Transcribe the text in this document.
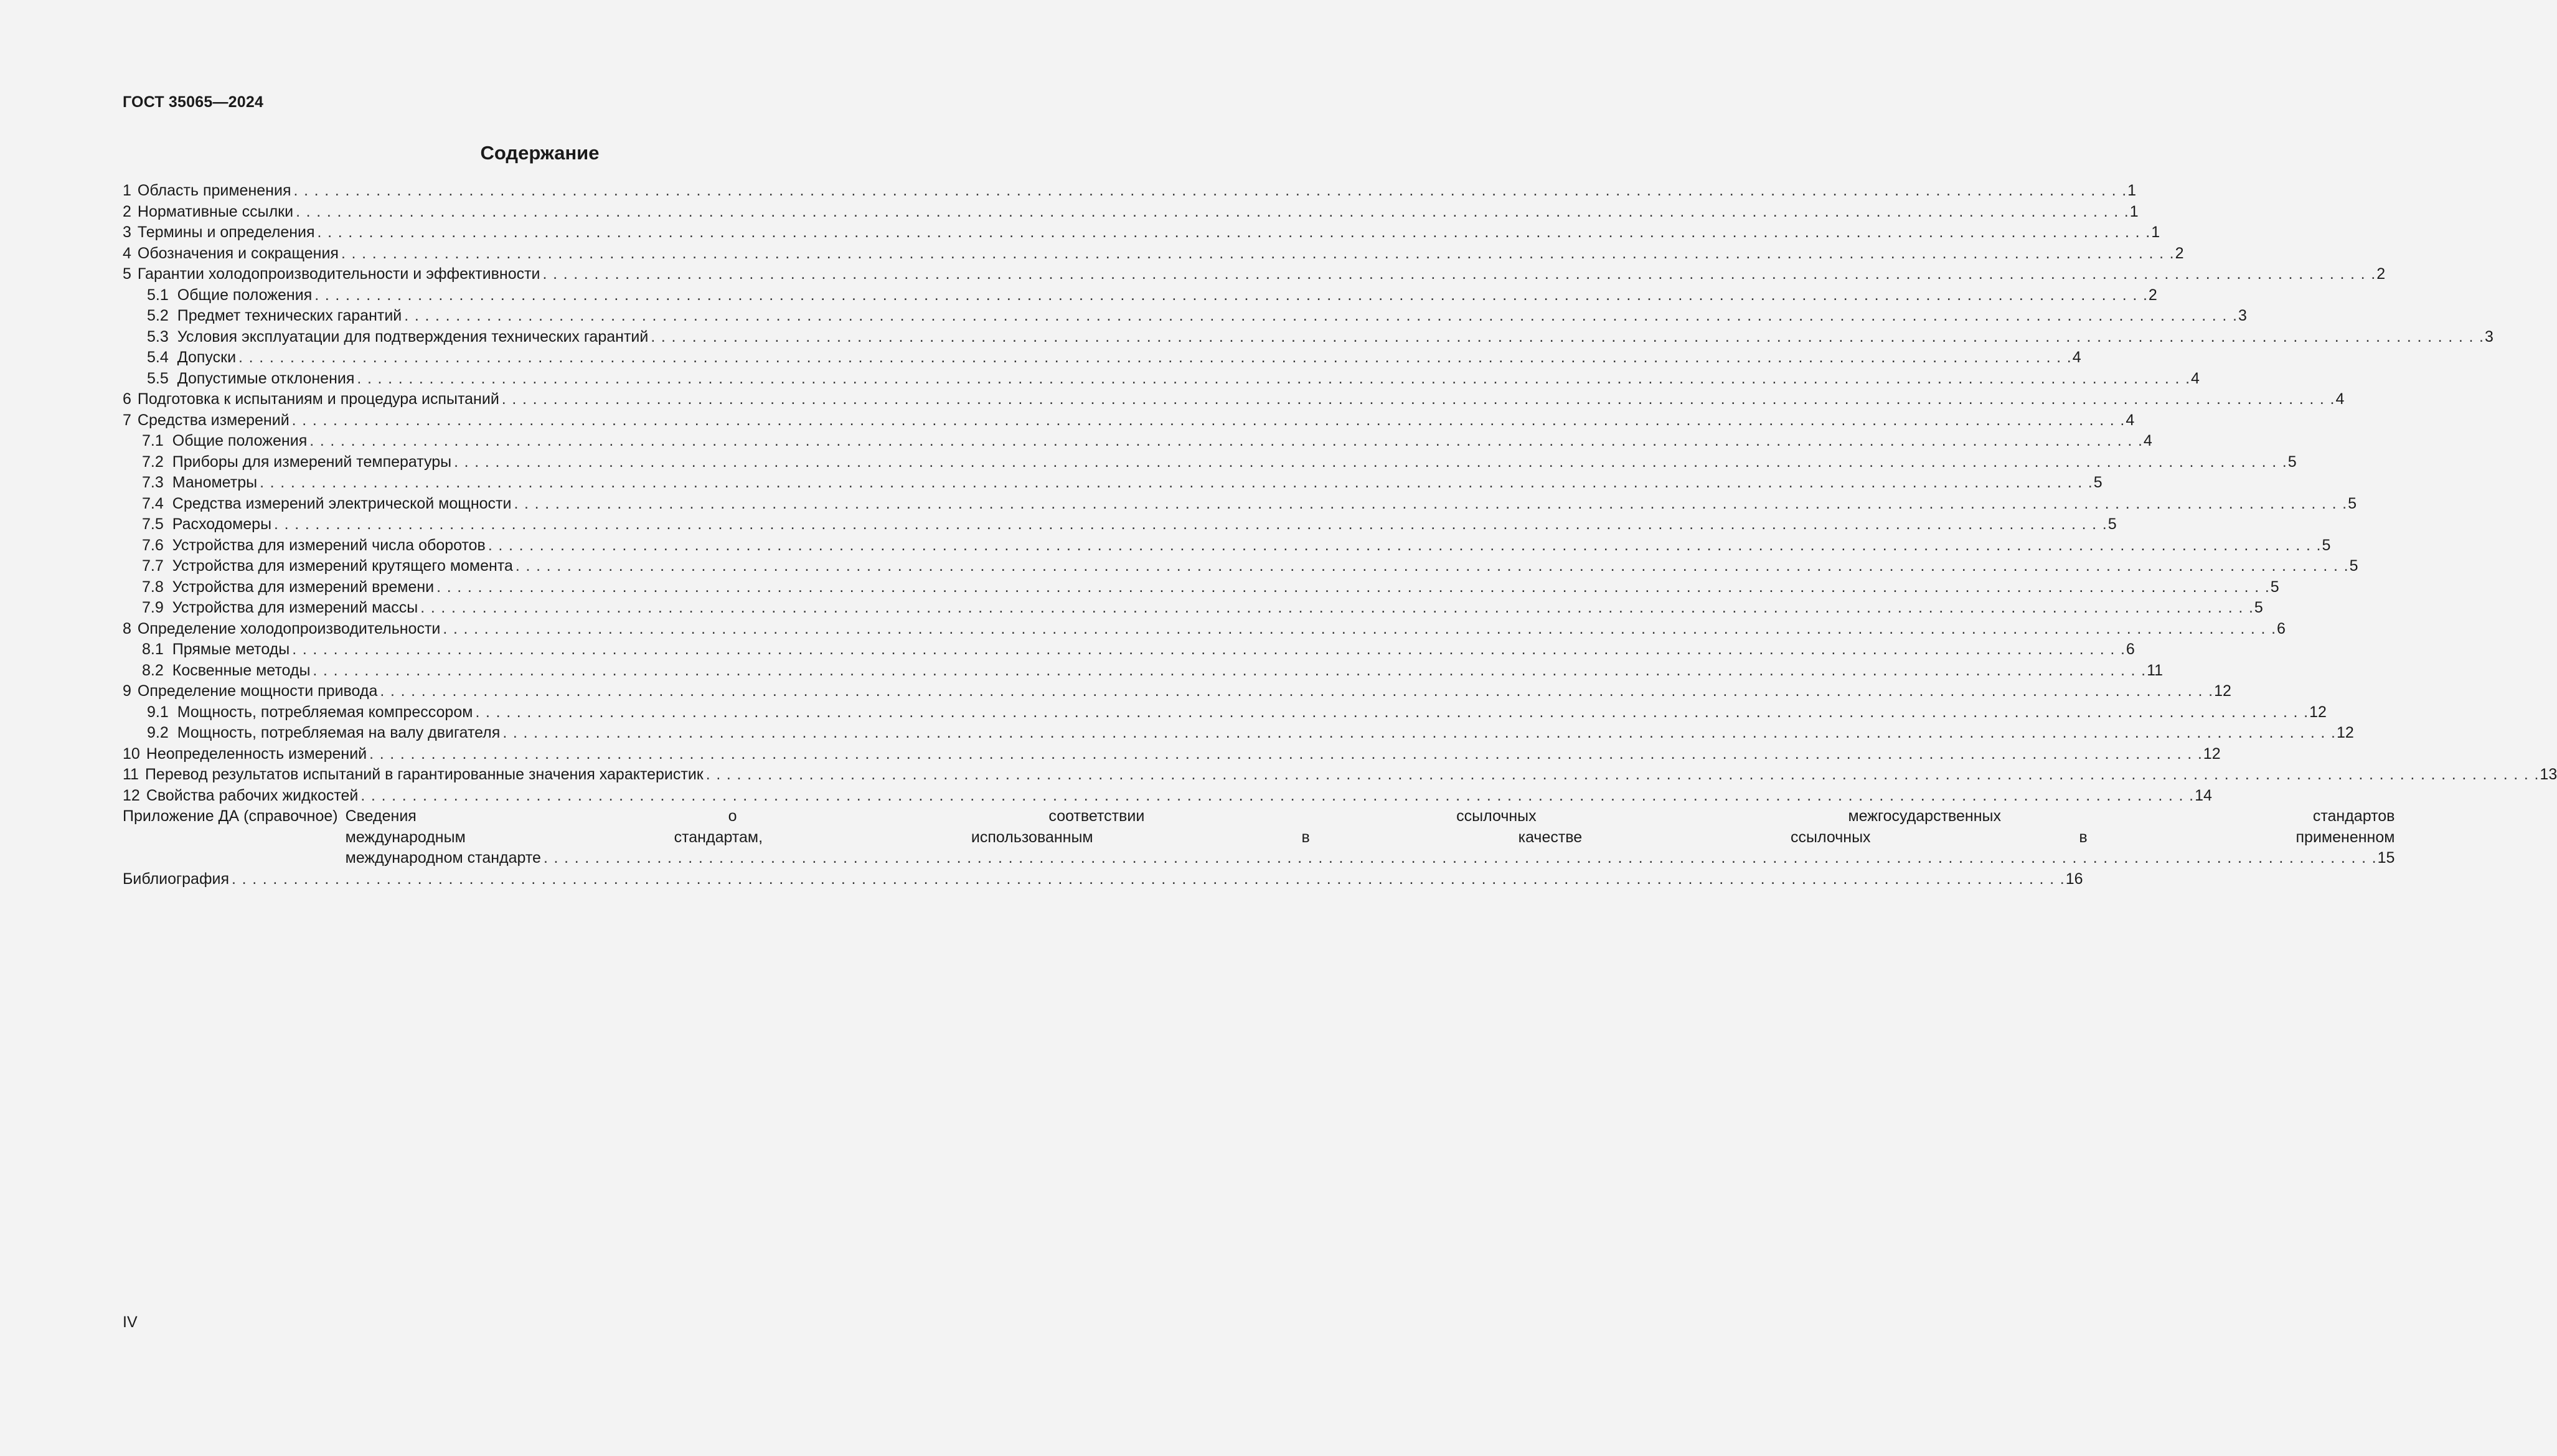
ГОСТ 35065—2024
Содержание
1 Область применения . . .	1
2 Нормативные ссылки . . .	1
3 Термины и определения . . .	1
4 Обозначения и сокращения . . .	2
5 Гарантии холодопроизводительности и эффективности . . .	2
5.1 Общие положения . . .	2
5.2 Предмет технических гарантий . . .	3
5.3 Условия эксплуатации для подтверждения технических гарантий . . .	3
5.4 Допуски . . .	4
5.5 Допустимые отклонения . . .	4
6 Подготовка к испытаниям и процедура испытаний . . .	4
7 Средства измерений . . .	4
7.1 Общие положения . . .	4
7.2 Приборы для измерений температуры . . .	5
7.3 Манометры . . .	5
7.4 Средства измерений электрической мощности . . .	5
7.5 Расходомеры . . .	5
7.6 Устройства для измерений числа оборотов . . .	5
7.7 Устройства для измерений крутящего момента . . .	5
7.8 Устройства для измерений времени . . .	5
7.9 Устройства для измерений массы . . .	5
8 Определение холодопроизводительности . . .	6
8.1 Прямые методы . . .	6
8.2 Косвенные методы . . .	11
9 Определение мощности привода . . .	12
9.1 Мощность, потребляемая компрессором . . .	12
9.2 Мощность, потребляемая на валу двигателя . . .	12
10 Неопределенность измерений . . .	12
11 Перевод результатов испытаний в гарантированные значения характеристик . . .	13
12 Свойства рабочих жидкостей . . .	14
Приложение ДА (справочное) Сведения о соответствии ссылочных межгосударственных стандартов
международным стандартам, использованным в качестве ссылочных в примененном
международном стандарте . . .	15
Библиография . . .	16
IV
